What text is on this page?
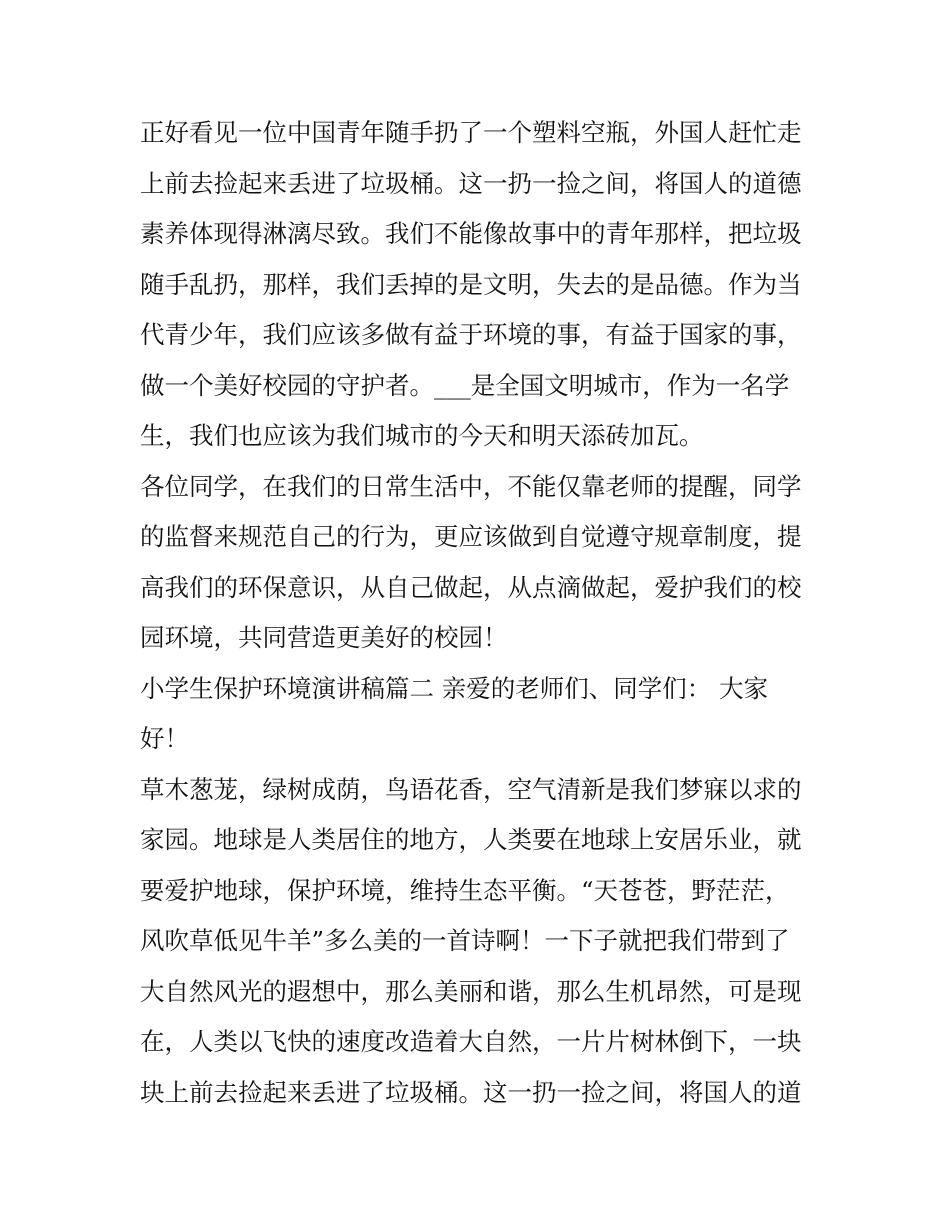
正好看见一位中国青年随手扔了一个塑料空瓶，外国人赶忙走
上前去捡起来丢进了垃圾桶。这一扔一捡之间，将国人的道德
素养体现得淋漓尽致。我们不能像故事中的青年那样，把垃圾
随手乱扔，那样，我们丢掉的是文明，失去的是品德。作为当
代青少年，我们应该多做有益于环境的事，有益于国家的事，
做一个美好校园的守护者。___是全国文明城市，作为一名学
生，我们也应该为我们城市的今天和明天添砖加瓦。
各位同学，在我们的日常生活中，不能仅靠老师的提醒，同学
的监督来规范自己的行为，更应该做到自觉遵守规章制度，提
高我们的环保意识，从自己做起，从点滴做起，爱护我们的校
园环境，共同营造更美好的校园！
小学生保护环境演讲稿篇二 亲爱的老师们、同学们： 大家
好！
草木葱茏，绿树成荫，鸟语花香，空气清新是我们梦寐以求的
家园。地球是人类居住的地方，人类要在地球上安居乐业，就
要爱护地球，保护环境，维持生态平衡。“天苍苍，野茫茫，
风吹草低见牛羊”多么美的一首诗啊！一下子就把我们带到了
大自然风光的遐想中，那么美丽和谐，那么生机昂然，可是现
在，人类以飞快的速度改造着大自然，一片片树林倒下，一块
块上前去捡起来丢进了垃圾桶。这一扔一捡之间，将国人的道
